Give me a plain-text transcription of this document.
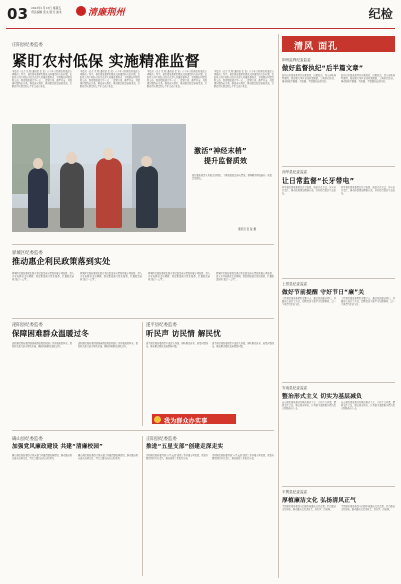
03 2023年1月13日 星期五
责任编辑 张文 版式 美术	清廉荆州	纪检
庄阳县纪委监委
紧盯农村低保 实施精准监督
本报讯（记者 张 晓 通讯员 张 锐）在今年庄阳县农村低保专项整治工作中，县纪委监委紧盯群众反映强烈的突出问题，采取线上线下相结合的方式深入开展监督检查，对发现的问题及时交办，督促职能部门举一反三、建章立制。截至目前，共发现问题线索多条，整改落实到位，推动惠民政策落地见效，让群众切实感受到公平正义就在身边。
本报讯（记者 张 晓 通讯员 张 锐）在今年庄阳县农村低保专项整治工作中，县纪委监委紧盯群众反映强烈的突出问题，采取线上线下相结合的方式深入开展监督检查，对发现的问题及时交办，督促职能部门举一反三、建章立制。截至目前，共发现问题线索多条，整改落实到位，推动惠民政策落地见效，让群众切实感受到公平正义就在身边。
本报讯（记者 张 晓 通讯员 张 锐）在今年庄阳县农村低保专项整治工作中，县纪委监委紧盯群众反映强烈的突出问题，采取线上线下相结合的方式深入开展监督检查，对发现的问题及时交办，督促职能部门举一反三、建章立制。截至目前，共发现问题线索多条，整改落实到位，推动惠民政策落地见效，让群众切实感受到公平正义就在身边。
本报讯（记者 张 晓 通讯员 张 锐）在今年庄阳县农村低保专项整治工作中，县纪委监委紧盯群众反映强烈的突出问题，采取线上线下相结合的方式深入开展监督检查，对发现的问题及时交办，督促职能部门举一反三、建章立制。截至目前，共发现问题线索多条，整改落实到位，推动惠民政策落地见效，让群众切实感受到公平正义就在身边。
激活“神经末梢”
提升监督质效
县纪委监委深入基层走访群众，了解低保政策落实情况，现场解答群众疑问，收集意见建议。
通讯员 张 锐 摄
驿城区纪委监委
推动惠企利民政策落到实处
驿城区纪委监委聚焦惠企利民政策落实情况开展专项监督，深入企业和群众走访调研，督促职能部门优化服务，打通政策落地“最后一公里”。
驿城区纪委监委聚焦惠企利民政策落实情况开展专项监督，深入企业和群众走访调研，督促职能部门优化服务，打通政策落地“最后一公里”。
驿城区纪委监委聚焦惠企利民政策落实情况开展专项监督，深入企业和群众走访调研，督促职能部门优化服务，打通政策落地“最后一公里”。
驿城区纪委监委聚焦惠企利民政策落实情况开展专项监督，深入企业和群众走访调研，督促职能部门优化服务，打通政策落地“最后一公里”。
泌阳县纪委监委
保障困难群众温暖过冬
泌阳县纪委监委围绕困难群众救助保障工作开展监督检查，督促相关部门落实帮扶措施，确保困难群众温暖过冬。
泌阳县纪委监委围绕困难群众救助保障工作开展监督检查，督促相关部门落实帮扶措施，确保困难群众温暖过冬。
遂平县纪委监委
听民声 访民情 解民忧
遂平县纪委监委组织干部深入基层，倾听群众诉求，收集问题线索，推动解决群众急难愁盼问题。
遂平县纪委监委组织干部深入基层，倾听群众诉求，收集问题线索，推动解决群众急难愁盼问题。
我为群众办实事
确山县纪委监委
加强党风廉政建设 共建“清廉校园”
确山县纪委监委联合教育部门开展清廉校园建设，推动廉洁教育融入校园文化，营造崇廉尚洁的良好氛围。
确山县纪委监委联合教育部门开展清廉校园建设，推动廉洁教育融入校园文化，营造崇廉尚洁的良好氛围。
正阳县纪委监委
推进“五星支部”创建走深走实
正阳县纪委监委围绕“五星支部”创建工作开展专项监督，督促各级党组织压实责任，推动创建工作取得实效。
正阳县纪委监委围绕“五星支部”创建工作开展专项监督，督促各级党组织压实责任，推动创建工作取得实效。
清风 面孔
荆州监利纪委监委
做好监督执纪“后半篇文章”
监利市纪委监委坚持以案促改、以案促治，深入剖析典型案例，督促相关单位查找问题根源，完善制度机制，推动形成不敢腐、不能腐、不想腐的长效机制。
监利市纪委监委坚持以案促改、以案促治，深入剖析典型案例，督促相关单位查找问题根源，完善制度机制，推动形成不敢腐、不能腐、不想腐的长效机制。
西华县纪委监委
让日常监督“长牙带电”
西华县纪委监委聚焦日常监督，创新方式方法，压实各方责任，推动监督更加精准有效，持续擦亮政治生态底色。
西华县纪委监委聚焦日常监督，创新方式方法，压实各方责任，推动监督更加精准有效，持续擦亮政治生态底色。
上蔡县纪委监委
做好节前提醒 守好节日“廉”关
上蔡县纪委监委紧盯重要节点，通过发送廉洁短信、开展谈心谈话等方式，提醒党员干部严守纪律规矩，过一个风清气正的节日。
上蔡县纪委监委紧盯重要节点，通过发送廉洁短信、开展谈心谈话等方式，提醒党员干部严守纪律规矩，过一个风清气正的节日。
安南县纪委监委
整治形式主义 切实为基层减负
安南县纪委监委持续整治形式主义、官僚主义问题，精简文件会议，规范督查检查，让基层干部把更多精力投入到抓落实上来。
安南县纪委监委持续整治形式主义、官僚主义问题，精简文件会议，规范督查检查，让基层干部把更多精力投入到抓落实上来。
平舆县纪委监委
厚植廉洁文化 弘扬清风正气
平舆县纪委监委深入挖掘本地廉洁文化资源，打造廉洁文化阵地，推动廉洁文化进机关、进社区、进校园。
平舆县纪委监委深入挖掘本地廉洁文化资源，打造廉洁文化阵地，推动廉洁文化进机关、进社区、进校园。
